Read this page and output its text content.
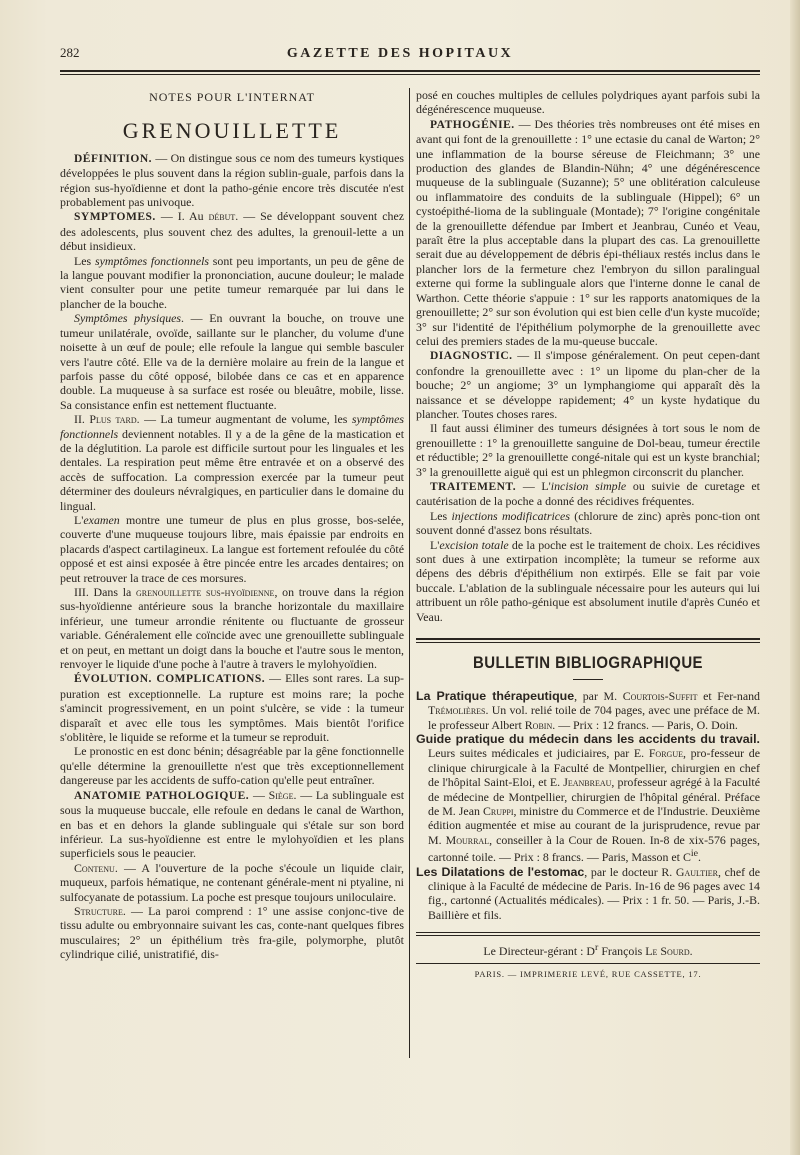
282	GAZETTE DES HOPITAUX
NOTES POUR L'INTERNAT
GRENOUILLETTE

DÉFINITION. — On distingue sous ce nom des tumeurs kystiques développées le plus souvent dans la région sublin-guale, parfois dans la région sus-hyoïdienne et dont la patho-génie encore très discutée n'est probablement pas univoque.

SYMPTOMES. — I. Au début. — Se développant souvent chez des adolescents, plus souvent chez des adultes, la grenouil-lette a un début insidieux.

Les symptômes fonctionnels sont peu importants, un peu de gêne de la langue pouvant modifier la prononciation, aucune douleur; le malade vient consulter pour une petite tumeur remarquée par lui dans le plancher de la bouche.

Symptômes physiques. — En ouvrant la bouche, on trouve une tumeur unilatérale, ovoïde, saillante sur le plancher, du volume d'une noisette à un œuf de poule; elle refoule la langue qui semble basculer vers l'autre côté. Elle va de la dernière molaire au frein de la langue et parfois passe du côté opposé, bilobée dans ce cas et en apparence double. La muqueuse à sa surface est rosée ou bleuâtre, mobile, lisse. Sa consistance enfin est nettement fluctuante.

II. Plus tard. — La tumeur augmentant de volume, les symptômes fonctionnels deviennent notables. Il y a de la gêne de la mastication et de la déglutition. La parole est difficile surtout pour les linguales et les dentales. La respiration peut même être entravée et on a observé des accès de suffocation. La compression exercée par la tumeur peut déterminer des douleurs névralgiques, en particulier dans le domaine du lingual.

L'examen montre une tumeur de plus en plus grosse, bos-selée, couverte d'une muqueuse toujours libre, mais épaissie par endroits en placards d'aspect cartilagineux. La langue est fortement refoulée du côté opposé et est ainsi exposée à être pincée entre les arcades dentaires; on peut retrouver la trace de ces morsures.

III. Dans la grenouillette sus-hyoïdienne, on trouve dans la région sus-hyoïdienne antérieure sous la branche horizontale du maxillaire inférieur, une tumeur arrondie rénitente ou fluctuante de grosseur variable. Généralement elle coïncide avec une grenouillette sublinguale et on peut, en mettant un doigt dans la bouche et l'autre sous le menton, renvoyer le liquide d'une poche à l'autre à travers le mylohyoïdien.

ÉVOLUTION. COMPLICATIONS. — Elles sont rares. La sup-puration est exceptionnelle. La rupture est moins rare; la poche s'amincit progressivement, en un point s'ulcère, se vide : la tumeur disparaît et avec elle tous les symptômes. Mais bientôt l'orifice s'oblitère, le liquide se reforme et la tumeur se reproduit.

Le pronostic en est donc bénin; désagréable par la gêne fonctionnelle qu'elle détermine la grenouillette n'est que très exceptionnellement dangereuse par les accidents de suffo-cation qu'elle peut entraîner.

ANATOMIE PATHOLOGIQUE. — Siège. — La sublinguale est sous la muqueuse buccale, elle refoule en dedans le canal de Warthon, en bas et en dehors la glande sublinguale qui s'étale sur son bord inférieur. La sus-hyoïdienne est entre le mylohyoïdien et les plans superficiels sous le peaucier.

Contenu. — A l'ouverture de la poche s'écoule un liquide clair, muqueux, parfois hématique, ne contenant générale-ment ni ptyaline, ni sulfocyanate de potassium. La poche est presque toujours uniloculaire.

Structure. — La paroi comprend : 1° une assise conjonc-tive de tissu adulte ou embryonnaire suivant les cas, conte-nant quelques fibres musculaires; 2° un épithélium très fra-gile, polymorphe, plutôt cylindrique cilié, unistratifié, dis-

posé en couches multiples de cellules polydriques ayant parfois subi la dégénérescence muqueuse.

PATHOGÉNIE. — Des théories très nombreuses ont été mises en avant qui font de la grenouillette : 1° une ectasie du canal de Warton; 2° une inflammation de la bourse séreuse de Fleichmann; 3° une production des glandes de Blandin-Nühn; 4° une dégénérescence muqueuse de la sublinguale (Suzanne); 5° une oblitération calculeuse ou inflammatoire des conduits de la sublinguale (Hippel); 6° un cystoépithé-lioma de la sublinguale (Montade); 7° l'origine congénitale de la grenouillette défendue par Imbert et Jeanbrau, Cunéo et Veau, paraît être la plus acceptable dans la plupart des cas. La grenouillette serait due au développement de débris épi-théliaux restés inclus dans le plancher lors de la fermeture chez l'embryon du sillon paralingual externe qui forme la sublinguale alors que l'interne donne le canal de Warthon. Cette théorie s'appuie : 1° sur les rapports anatomiques de la grenouillette; 2° sur son évolution qui est bien celle d'un kyste mucoïde; 3° sur l'identité de l'épithélium polymorphe de la grenouillette avec celui des premiers stades de la mu-queuse buccale.

DIAGNOSTIC. — Il s'impose généralement. On peut cepen-dant confondre la grenouillette avec : 1° un lipome du plan-cher de la bouche; 2° un angiome; 3° un lymphangiome qui apparaît dès la naissance et se développe rapidement; 4° un kyste hydatique du plancher. Toutes choses rares.

Il faut aussi éliminer des tumeurs désignées à tort sous le nom de grenouillette : 1° la grenouillette sanguine de Dol-beau, tumeur érectile et réductible; 2° la grenouillette congé-nitale qui est un kyste branchial; 3° la grenouillette aiguë qui est un phlegmon circonscrit du plancher.

TRAITEMENT. — L'incision simple ou suivie de curetage et cautérisation de la poche a donné des récidives fréquentes.

Les injections modificatrices (chlorure de zinc) après ponc-tion ont souvent donné d'assez bons résultats.

L'excision totale de la poche est le traitement de choix. Les récidives sont dues à une extirpation incomplète; la tumeur se reforme aux dépens des débris d'épithélium non extirpés. Elle se fait par voie buccale. L'ablation de la sublinguale nécessaire pour les auteurs qui lui attribuent un rôle patho-génique est absolument inutile d'après Cunéo et Veau.

BULLETIN BIBLIOGRAPHIQUE

La Pratique thérapeutique, par M. Courtois-Suffit et Fer-nand Trémolières. Un vol. relié toile de 704 pages, avec une préface de M. le professeur Albert Robin. — Prix : 12 francs. — Paris, O. Doin.

Guide pratique du médecin dans les accidents du travail. Leurs suites médicales et judiciaires, par E. Forgue, pro-fesseur de clinique chirurgicale à la Faculté de Montpellier, chirurgien en chef de l'hôpital Saint-Eloi, et E. Jeanbreau, professeur agrégé à la Faculté de médecine de Montpellier, chirurgien de l'hôpital général. Préface de M. Jean Cruppi, ministre du Commerce et de l'Industrie. Deuxième édition augmentée et mise au courant de la jurisprudence, revue par M. Mourral, conseiller à la Cour de Rouen. In-8 de xix-576 pages, cartonné toile. — Prix : 8 francs. — Paris, Masson et $C^{ie}$.

Les Dilatations de l'estomac, par le docteur R. Gaultier, chef de clinique à la Faculté de médecine de Paris. In-16 de 96 pages avec 14 fig., cartonné (Actualités médicales). — Prix : 1 fr. 50. — Paris, J.-B. Baillière et fils.

Le Directeur-gérant : $D^r$ François Le Sourd.

PARIS. — IMPRIMERIE LEVÉ, RUE CASSETTE, 17.
